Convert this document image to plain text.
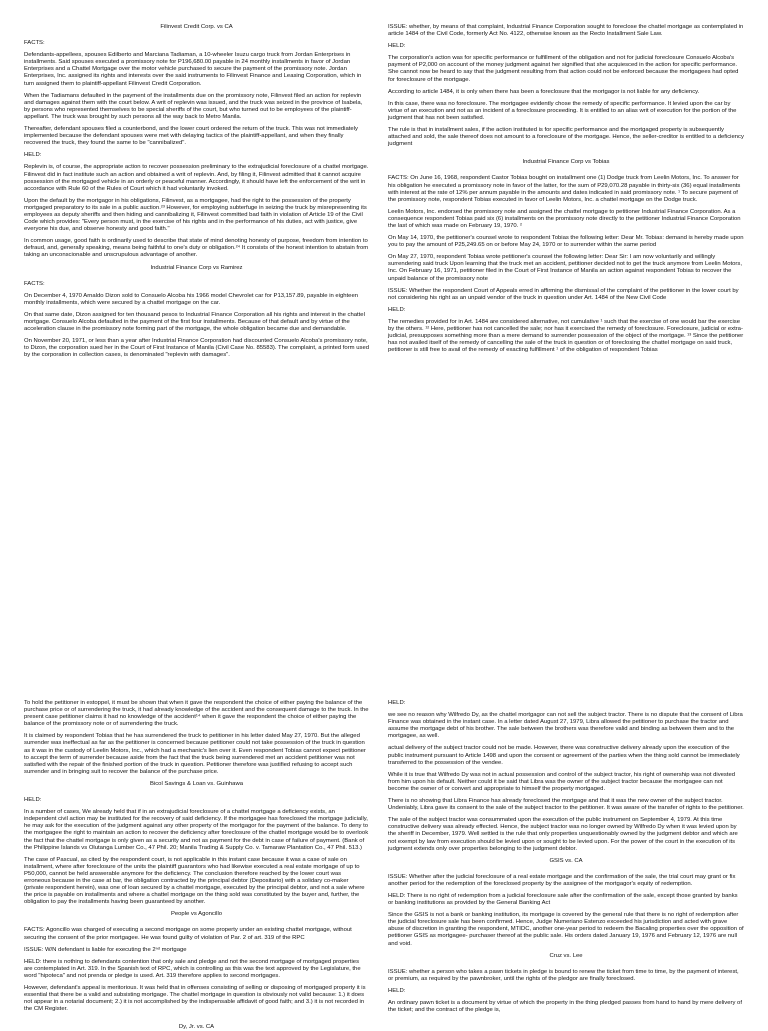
Filinvest Credit Corp. vs CA
FACTS:
Defendants-appellees, spouses Edilberto and Marciana Tadiaman, a 10-wheeler Isuzu cargo truck from Jordan Enterprises in installments. Said spouses executed a promissory note for P196,680.00 payable in 24 monthly installments in favor of Jordan Enterprises and a Chattel Mortgage over the motor vehicle purchased to secure the payment of the promissory note. Jordan Enterprises, Inc. assigned its rights and interests over the said instruments to Filinvest Finance and Leasing Corporation, which in turn assigned them to plaintiff-appellant Filinvest Credit Corporation.
When the Tadiamans defaulted in the payment of the installments due on the promissory note, Filinvest filed an action for replevin and damages against them with the court below. A writ of replevin was issued, and the truck was seized in the province of Isabela, by persons who represented themselves to be special sheriffs of the court, but who turned out to be employees of the plaintiff-appellant. The truck was brought by such persons all the way back to Metro Manila.
Thereafter, defendant spouses filed a counterbond, and the lower court ordered the return of the truck. This was not immediately implemented because the defendant spouses were met with delaying tactics of the plaintiff-appellant, and when they finally recovered the truck, they found the same to be "cannibalized".
HELD:
Replevin is, of course, the appropriate action to recover possession preliminary to the extrajudicial foreclosure of a chattel mortgage. Filinvest did in fact institute such an action and obtained a writ of replevin. And, by filing it, Filinvest admitted that it cannot acquire possession of the mortgaged vehicle in an orderly or peaceful manner. Accordingly, it should have left the enforcement of the writ in accordance with Rule 60 of the Rules of Court which it had voluntarily invoked.
Upon the default by the mortgagor in his obligations, Filinvest, as a mortgagee, had the right to the possession of the property mortgaged preparatory to its sale in a public auction.²³ However, for employing subterfuge in seizing the truck by misrepresenting its employees as deputy sheriffs and then hiding and cannibalizing it, Filinvest committed bad faith in violation of Article 19 of the Civil Code which provides: "Every person must, in the exercise of his rights and in the performance of his duties, act with justice, give everyone his due, and observe honesty and good faith."
In common usage, good faith is ordinarily used to describe that state of mind denoting honesty of purpose, freedom from intention to defraud, and, generally speaking, means being faithful to one's duty or obligation.²⁴ It consists of the honest intention to abstain from taking an unconscionable and unscrupulous advantage of another.
Industrial Finance Corp vs Ramirez
FACTS:
On December 4, 1970 Arnaldo Dizon sold to Consuelo Alcoba his 1966 model Chevrolet car for P13,157.89, payable in eighteen monthly installments, which were secured by a chattel mortgage on the car.
On that same date, Dizon assigned for ten thousand pesos to Industrial Finance Corporation all his rights and interest in the chattel mortgage. Consuelo Alcoba defaulted in the payment of the first four installments. Because of that default and by virtue of the acceleration clause in the promissory note forming part of the mortgage, the whole obligation became due and demandable.
On November 20, 1971, or less than a year after Industrial Finance Corporation had discounted Consuelo Alcoba's promissory note, to Dizon, the corporation sued her in the Court of First Instance of Manila (Civil Case No. 85583). The complaint, a printed form used by the corporation in collection cases, is denominated "replevin with damages".
ISSUE: whether, by means of that complaint, Industrial Finance Corporation sought to foreclose the chattel mortgage as contemplated in article 1484 of the Civil Code, formerly Act No. 4122, otherwise known as the Recto Installment Sale Law.
HELD:
The corporation's action was for specific performance or fulfillment of the obligation and not for judicial foreclosure Consuelo Alcoba's payment of P2,000 on account of the money judgment against her signified that she acquiesced in the action for specific performance. She cannot now be heard to say that the judgment resulting from that action could not be enforced because the mortgagees had opted for foreclosure of the mortgage.
According to article 1484, it is only when there has been a foreclosure that the mortgagor is not liable for any deficiency.
In this case, there was no foreclosure. The mortgagee evidently chose the remedy of specific performance. It levied upon the car by virtue of an execution and not as an incident of a foreclosure proceeding. It is entitled to an alias writ of execution for the portion of the judgment that has not been satisfied.
The rule is that in installment sales, if the action instituted is for specific performance and the mortgaged property is subsequently attached and sold, the sale thereof does not amount to a foreclosure of the mortgage. Hence, the seller-creditor is entitled to a deficiency judgment
Industrial Finance Corp vs Tobias
FACTS: On June 16, 1968, respondent Castor Tobias bought on installment one (1) Dodge truck from Leelin Motors, Inc. To answer for his obligation he executed a promissory note in favor of the latter, for the sum of P29,070.28 payable in thirty-six (36) equal installments with interest at the rate of 12% per annum payable in the amounts and dates indicated in said promissory note. ¹ To secure payment of the promissory note, respondent Tobias executed in favor of Leelin Motors, Inc. a chattel mortgage on the Dodge truck.
Leelin Motors, Inc. endorsed the promissory note and assigned the chattel mortgage to petitioner Industrial Finance Corporation. As a consequence respondent Tobias paid six (6) installments on the promissory note directly to the petitioner Industrial Finance Corporation the last of which was made on February 19, 1970. ²
On May 14, 1970, the petitioner's counsel wrote to respondent Tobias the following letter: Dear Mr. Tobias: demand is hereby made upon you to pay the amount of P25,249.65 on or before May 24, 1970 or to surrender within the same period
On May 27, 1970, respondent Tobias wrote petitioner's counsel the following letter: Dear Sir: I am now voluntarily and willingly surrendering said truck Upon learning that the truck met an accident, petitioner decided not to get the truck anymore from Leelin Motors, Inc. On February 16, 1971, petitioner filed in the Court of First Instance of Manila an action against respondent Tobias to recover the unpaid balance of the promissory note
ISSUE: Whether the respondent Court of Appeals erred in affirming the dismissal of the complaint of the petitioner in the lower court by not considering his right as an unpaid vendor of the truck in question under Art. 1484 of the New Civil Code
HELD:
The remedies provided for in Art. 1484 are considered alternative, not cumulative ¹ such that the exercise of one would bar the exercise by the others. ¹² Here, petitioner has not cancelled the sale; nor has it exercised the remedy of foreclosure. Foreclosure, judicial or extra-judicial, presupposes something more than a mere demand to surrender possession of the object of the mortgage. ¹³ Since the petitioner has not availed itself of the remedy of cancelling the sale of the truck in question or of foreclosing the chattel mortgage on said truck, petitioner is still free to avail of the remedy of exacting fulfillment ¹ of the obligation of respondent Tobias
To hold the petitioner in estoppel, it must be shown that when it gave the respondent the choice of either paying the balance of the purchase price or of surrendering the truck, it had already knowledge of the accident and the consequent damage to the truck. In the present case petitioner claims it had no knowledge of the accident¹⁴ when it gave the respondent the choice of either paying the balance of the promissory note or of surrendering the truck.
It is claimed by respondent Tobias that he has surrendered the truck to petitioner in his letter dated May 27, 1970. But the alleged surrender was ineffectual as far as the petitioner is concerned because petitioner could not take possession of the truck in question as it was in the custody of Leelin Motors, Inc., which had a mechanic's lien over it. Even respondent Tobias cannot expect petitioner to accept the term of surrender because aside from the fact that the truck being surrendered met an accident petitioner was not satisfied with the repair of the finished portion of the truck in question. Petitioner therefore was justified refusing to accept such surrender and in bringing suit to recover the balance of the purchase price.
Bicol Savings & Loan vs. Guinhawa
HELD:
In a number of cases, We already held that if in an extrajudicial foreclosure of a chattel mortgage a deficiency exists, an independent civil action may be instituted for the recovery of said deficiency. If the mortgagee has foreclosed the mortgage judicially, he may ask for the execution of the judgment against any other property of the mortgagor for the payment of the balance. To deny to the mortgagee the right to maintain an action to recover the deficiency after foreclosure of the chattel mortgage would be to overlook the fact that the chattel mortgage is only given as a security and not as payment for the debt in case of failure of payment. (Bank of the Philippine Islands vs Olutanga Lumber Co., 47 Phil. 20; Manila Trading & Supply Co. v. Tamaraw Plantation Co., 47 Phil. 513.)
The case of Pascual, as cited by the respondent court, is not applicable in this instant case because it was a case of sale on installment, where after foreclosure of the units the plaintiff guarantors who had likewise executed a real estate mortgage of up to P50,000, cannot be held answerable anymore for the deficiency. The conclusion therefore reached by the lower court was erroneous because in the case at bar, the obligation contracted by the principal debtor (Depositario) with a solidary co-maker (private respondent herein), was one of loan secured by a chattel mortgage, executed by the principal debtor, and not a sale where the price is payable on installments and where a chattel mortgage on the thing sold was constituted by the buyer and, further, the obligation to pay the installments having been guaranteed by another.
People vs Agoncillo
FACTS: Agoncillo was charged of executing a second mortgage on some property under an existing chattel mortgage, without securing the consent of the prior mortgagee. He was found guilty of violation of Par. 2 of art. 319 of the RPC
ISSUE: W/N defendant is liable for executing the 2ⁿᵈ mortgage
HELD: there is nothing to defendants contention that only sale and pledge and not the second mortgage of mortgaged properties are contemplated in Art. 319. In the Spanish text of RPC, which is controlling as this was the text approved by the Legislature, the word "hipoteca" and not prenda or pledge is used. Art. 319 therefore applies to second mortgages.
However, defendant's appeal is meritorious. It was held that in offenses consisting of selling or disposing of mortgaged property it is essential that there be a valid and subsisting mortgage. The chattel mortgage in question is obviously not valid because: 1.) it does not appear in a notarial document; 2.) it is not accomplished by the indispensable affidavit of good faith; and 3.) it is not recorded in the CM Register.
Dy, Jr. vs. CA
HELD:
we see no reason why Wilfredo Dy, as the chattel mortgagor can not sell the subject tractor. There is no dispute that the consent of Libra Finance was obtained in the instant case. In a letter dated August 27, 1979, Libra allowed the petitioner to purchase the tractor and assume the mortgage debt of his brother. The sale between the brothers was therefore valid and binding as between them and to the mortgagee, as well.
actual delivery of the subject tractor could not be made. However, there was constructive delivery already upon the execution of the public instrument pursuant to Article 1498 and upon the consent or agreement of the parties when the thing sold cannot be immediately transferred to the possession of the vendee.
While it is true that Wilfredo Dy was not in actual possession and control of the subject tractor, his right of ownership was not divested from him upon his default. Neither could it be said that Libra was the owner of the subject tractor because the mortgagee can not become the owner of or convert and appropriate to himself the property mortgaged.
There is no showing that Libra Finance has already foreclosed the mortgage and that it was the new owner of the subject tractor. Undeniably, Libra gave its consent to the sale of the subject tractor to the petitioner. It was aware of the transfer of rights to the petitioner.
The sale of the subject tractor was consummated upon the execution of the public instrument on September 4, 1979. At this time constructive delivery was already effected. Hence, the subject tractor was no longer owned by Wilfredo Dy when it was levied upon by the sheriff in December, 1979. Well settled is the rule that only properties unquestionably owned by the judgment debtor and which are not exempt by law from execution should be levied upon or sought to be levied upon. For the power of the court in the execution of its judgment extends only over properties belonging to the judgment debtor.
GSIS vs. CA
ISSUE: Whether after the judicial foreclosure of a real estate mortgage and the confirmation of the sale, the trial court may grant or fix another period for the redemption of the foreclosed property by the assignee of the mortgagor's equity of redemption.
HELD: There is no right of redemption from a judicial foreclosure sale after the confirmation of the sale, except those granted by banks or banking institutions as provided by the General Banking Act
Since the GSIS is not a bank or banking institution, its mortgage is covered by the general rule that there is no right of redemption after the judicial foreclosure sale has been confirmed. Hence, Judge Numeriano Estenzo exceeded his jurisdiction and acted with grave abuse of discretion in granting the respondent, MTIDC, another one-year period to redeem the Bacaling properties over the opposition of petitioner GSIS as mortgagee- purchaser thereof at the public sale. His orders dated January 19, 1976 and February 12, 1976 are null and void.
Cruz vs. Lee
ISSUE: whether a person who takes a pawn tickets in pledge is bound to renew the ticket from time to time, by the payment of interest, or premium, as required by the pawnbroker, until the rights of the pledgor are finally foreclosed.
HELD:
An ordinary pawn ticket is a document by virtue of which the property in the thing pledged passes from hand to hand by mere delivery of the ticket; and the contract of the pledge is,
